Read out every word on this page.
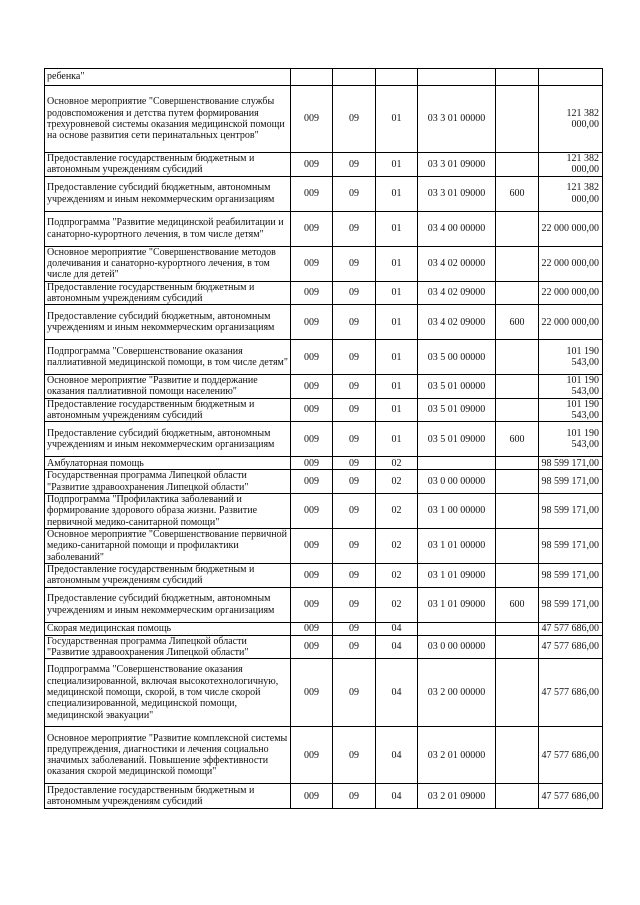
ребенка"						
Основное мероприятие "Совершенствование службы родовспоможения и детства путем формирования трехуровневой системы оказания медицинской помощи на основе развития сети перинатальных центров"	009	09	01	03 3 01 00000		121 382 000,00
Предоставление государственным бюджетным и автономным учреждениям субсидий	009	09	01	03 3 01 09000		121 382 000,00
Предоставление субсидий бюджетным, автономным учреждениям и иным некоммерческим организациям	009	09	01	03 3 01 09000	600	121 382 000,00
Подпрограмма "Развитие медицинской реабилитации и санаторно-курортного лечения, в том числе детям"	009	09	01	03 4 00 00000		22 000 000,00
Основное мероприятие "Совершенствование методов долечивания и санаторно-курортного лечения, в том числе для детей"	009	09	01	03 4 02 00000		22 000 000,00
Предоставление государственным бюджетным и автономным учреждениям субсидий	009	09	01	03 4 02 09000		22 000 000,00
Предоставление субсидий бюджетным, автономным учреждениям и иным некоммерческим организациям	009	09	01	03 4 02 09000	600	22 000 000,00
Подпрограмма "Совершенствование оказания паллиативной медицинской помощи, в том числе детям"	009	09	01	03 5 00 00000		101 190 543,00
Основное мероприятие "Развитие и поддержание оказания паллиативной помощи населению"	009	09	01	03 5 01 00000		101 190 543,00
Предоставление государственным бюджетным и автономным учреждениям субсидий	009	09	01	03 5 01 09000		101 190 543,00
Предоставление субсидий бюджетным, автономным учреждениям и иным некоммерческим организациям	009	09	01	03 5 01 09000	600	101 190 543,00
Амбулаторная помощь	009	09	02			98 599 171,00
Государственная программа Липецкой области "Развитие здравоохранения Липецкой области"	009	09	02	03 0 00 00000		98 599 171,00
Подпрограмма "Профилактика заболеваний и формирование здорового образа жизни. Развитие первичной медико-санитарной помощи"	009	09	02	03 1 00 00000		98 599 171,00
Основное мероприятие "Совершенствование первичной медико-санитарной помощи и профилактики заболеваний"	009	09	02	03 1 01 00000		98 599 171,00
Предоставление государственным бюджетным и автономным учреждениям субсидий	009	09	02	03 1 01 09000		98 599 171,00
Предоставление субсидий бюджетным, автономным учреждениям и иным некоммерческим организациям	009	09	02	03 1 01 09000	600	98 599 171,00
Скорая медицинская помощь	009	09	04			47 577 686,00
Государственная программа Липецкой области "Развитие здравоохранения Липецкой области"	009	09	04	03 0 00 00000		47 577 686,00
Подпрограмма "Совершенствование оказания специализированной, включая высокотехнологичную, медицинской помощи, скорой, в том числе скорой специализированной, медицинской помощи, медицинской эвакуации"	009	09	04	03 2 00 00000		47 577 686,00
Основное мероприятие "Развитие комплексной системы предупреждения, диагностики и лечения социально значимых заболеваний. Повышение эффективности оказания скорой медицинской помощи"	009	09	04	03 2 01 00000		47 577 686,00
Предоставление государственным бюджетным и автономным учреждениям субсидий	009	09	04	03 2 01 09000		47 577 686,00
